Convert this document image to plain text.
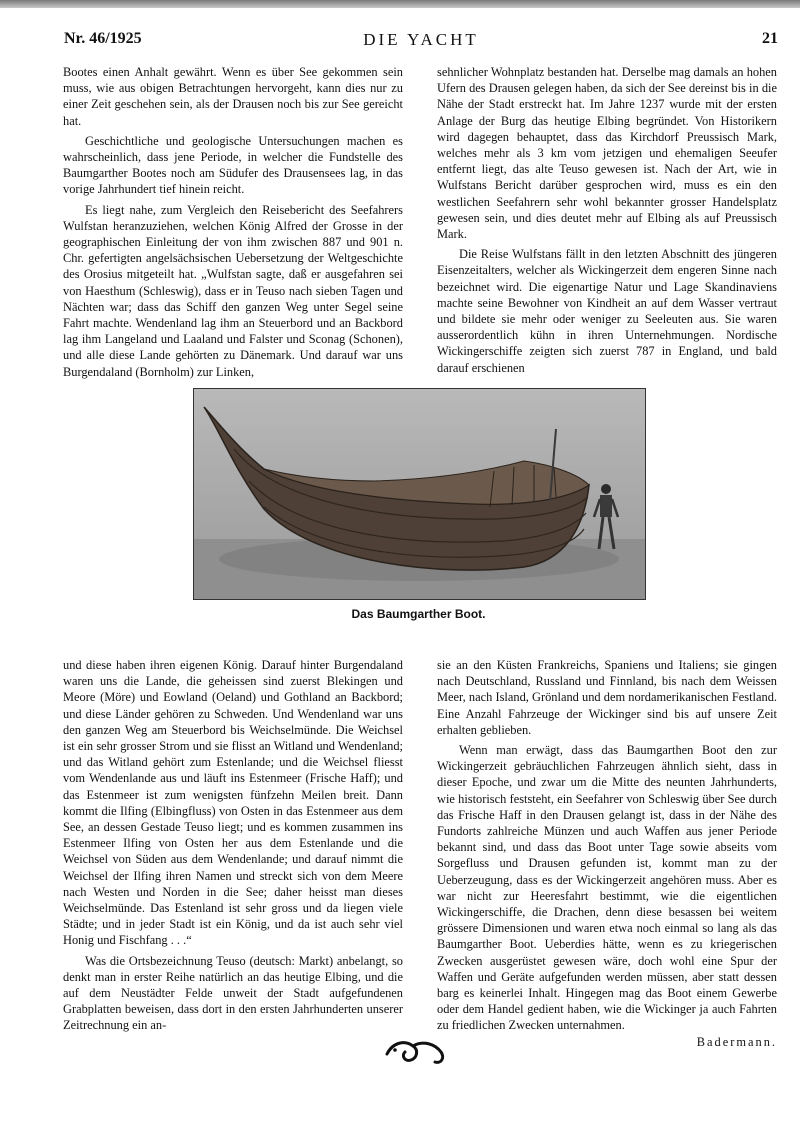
Nr. 46/1925	DIE YACHT	21

Bootes einen Anhalt gewährt. Wenn es über See gekommen sein muss, wie aus obigen Betrachtungen hervorgeht, kann dies nur zu einer Zeit geschehen sein, als der Drausen noch bis zur See gereicht hat.

Geschichtliche und geologische Untersuchungen machen es wahrscheinlich, dass jene Periode, in welcher die Fundstelle des Baumgarther Bootes noch am Südufer des Drausensees lag, in das vorige Jahrhundert tief hinein reicht.

Es liegt nahe, zum Vergleich den Reisebericht des Seefahrers Wulfstan heranzuziehen, welchen König Alfred der Grosse in der geographischen Einleitung der von ihm zwischen 887 und 901 n. Chr. gefertigten angelsächsischen Uebersetzung der Weltgeschichte des Orosius mitgeteilt hat. „Wulfstan sagte, daß er ausgefahren sei von Haesthum (Schleswig), dass er in Teuso nach sieben Tagen und Nächten war; dass das Schiff den ganzen Weg unter Segel seine Fahrt machte. Wendenland lag ihm an Steuerbord und an Backbord lag ihm Langeland und Laaland und Falster und Sconag (Schonen), und alle diese Lande gehörten zu Dänemark. Und darauf war uns Burgendaland (Bornholm) zur Linken,

sehnlicher Wohnplatz bestanden hat. Derselbe mag damals an hohen Ufern des Drausen gelegen haben, da sich der See dereinst bis in die Nähe der Stadt erstreckt hat. Im Jahre 1237 wurde mit der ersten Anlage der Burg das heutige Elbing begründet. Von Historikern wird dagegen behauptet, dass das Kirchdorf Preussisch Mark, welches mehr als 3 km vom jetzigen und ehemaligen Seeufer entfernt liegt, das alte Teuso gewesen ist. Nach der Art, wie in Wulfstans Bericht darüber gesprochen wird, muss es ein den westlichen Seefahrern sehr wohl bekannter grosser Handelsplatz gewesen sein, und dies deutet mehr auf Elbing als auf Preussisch Mark.

Die Reise Wulfstans fällt in den letzten Abschnitt des jüngeren Eisenzeitalters, welcher als Wickingerzeit dem engeren Sinne nach bezeichnet wird. Die eigenartige Natur und Lage Skandinaviens machte seine Bewohner von Kindheit an auf dem Wasser vertraut und bildete sie mehr oder weniger zu Seeleuten aus. Sie waren ausserordentlich kühn in ihren Unternehmungen. Nordische Wickingerschiffe zeigten sich zuerst 787 in England, und bald darauf erschienen

Das Baumgarther Boot.

und diese haben ihren eigenen König. Darauf hinter Burgendaland waren uns die Lande, die geheissen sind zuerst Blekingen und Meore (Möre) und Eowland (Oeland) und Gothland an Backbord; und diese Länder gehören zu Schweden. Und Wendenland war uns den ganzen Weg am Steuerbord bis Weichselmünde. Die Weichsel ist ein sehr grosser Strom und sie flisst an Witland und Wendenland; und das Witland gehört zum Estenlande; und die Weichsel fliesst vom Wendenlande aus und läuft ins Estenmeer (Frische Haff); und das Estenmeer ist zum wenigsten fünfzehn Meilen breit. Dann kommt die Ilfing (Elbingfluss) von Osten in das Estenmeer aus dem See, an dessen Gestade Teuso liegt; und es kommen zusammen ins Estenmeer Ilfing von Osten her aus dem Estenlande und die Weichsel von Süden aus dem Wendenlande; und darauf nimmt die Weichsel der Ilfing ihren Namen und streckt sich von dem Meere nach Westen und Norden in die See; daher heisst man dieses Weichselmünde. Das Estenland ist sehr gross und da liegen viele Städte; und in jeder Stadt ist ein König, und da ist auch sehr viel Honig und Fischfang . . .“

Was die Ortsbezeichnung Teuso (deutsch: Markt) anbelangt, so denkt man in erster Reihe natürlich an das heutige Elbing, und die auf dem Neustädter Felde unweit der Stadt aufgefundenen Grabplatten beweisen, dass dort in den ersten Jahrhunderten unserer Zeitrechnung ein an-

sie an den Küsten Frankreichs, Spaniens und Italiens; sie gingen nach Deutschland, Russland und Finnland, bis nach dem Weissen Meer, nach Island, Grönland und dem nordamerikanischen Festland. Eine Anzahl Fahrzeuge der Wickinger sind bis auf unsere Zeit erhalten geblieben.

Wenn man erwägt, dass das Baumgarthen Boot den zur Wickingerzeit gebräuchlichen Fahrzeugen ähnlich sieht, dass in dieser Epoche, und zwar um die Mitte des neunten Jahrhunderts, wie historisch feststeht, ein Seefahrer von Schleswig über See durch das Frische Haff in den Drausen gelangt ist, dass in der Nähe des Fundorts zahlreiche Münzen und auch Waffen aus jener Periode bekannt sind, und dass das Boot unter Tage sowie abseits vom Sorgefluss und Drausen gefunden ist, kommt man zu der Ueberzeugung, dass es der Wickingerzeit angehören muss. Aber es war nicht zur Heeresfahrt bestimmt, wie die eigentlichen Wickingerschiffe, die Drachen, denn diese besassen bei weitem grössere Dimensionen und waren etwa noch einmal so lang als das Baumgarther Boot. Ueberdies hätte, wenn es zu kriegerischen Zwecken ausgerüstet gewesen wäre, doch wohl eine Spur der Waffen und Geräte aufgefunden werden müssen, aber statt dessen barg es keinerlei Inhalt. Hingegen mag das Boot einem Gewerbe oder dem Handel gedient haben, wie die Wickinger ja auch Fahrten zu friedlichen Zwecken unternahmen.

Badermann.
